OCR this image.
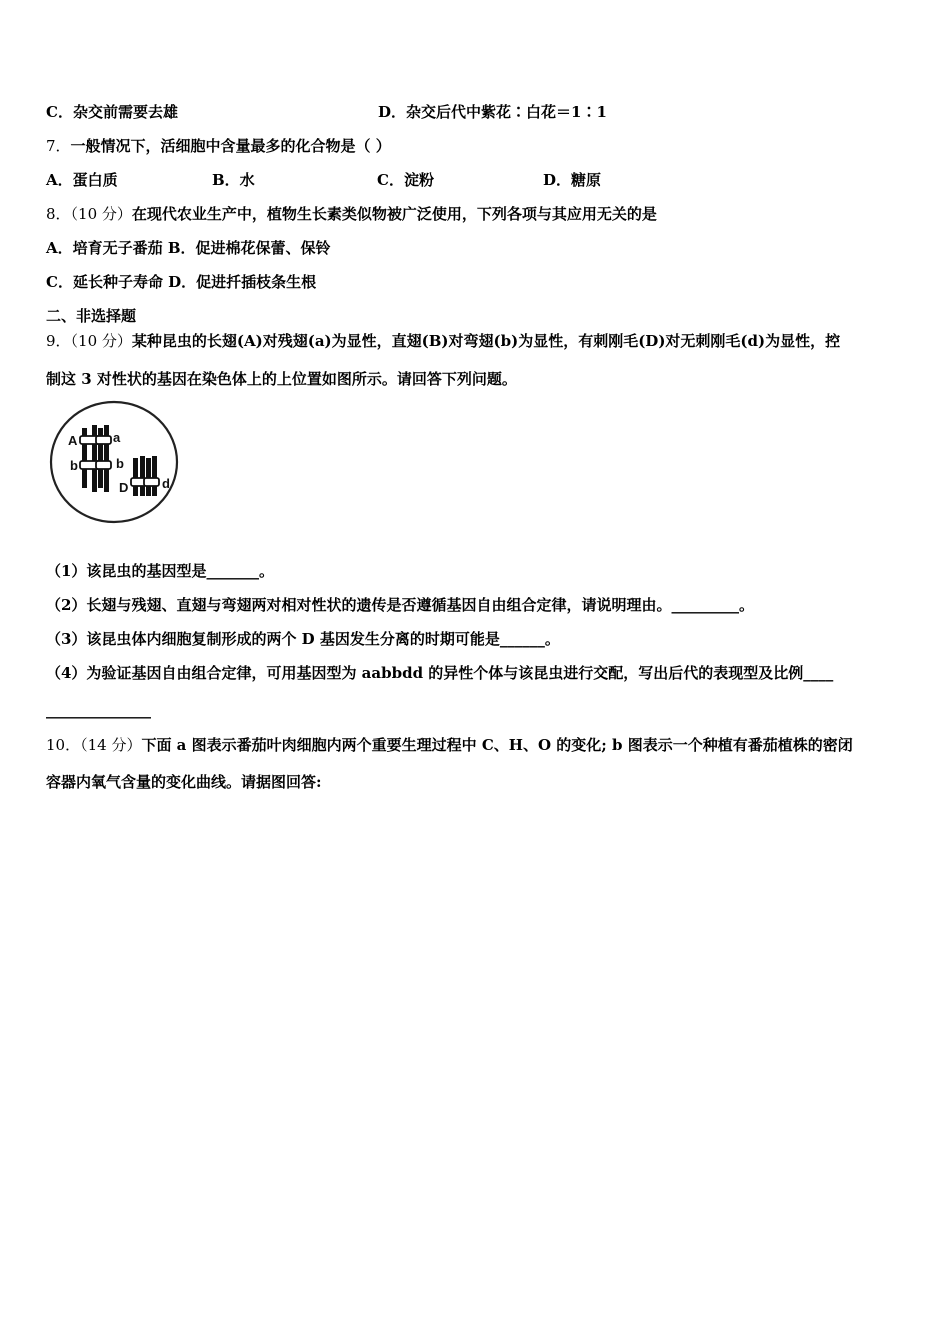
C．杂交前需要去雄	D．杂交后代中紫花∶白花＝1∶1
7．一般情况下，活细胞中含量最多的化合物是（ ）
A．蛋白质	B．水	C．淀粉	D．糖原
8．（10 分）在现代农业生产中，植物生长素类似物被广泛使用，下列各项与其应用无关的是
A．培育无子番茄 B．促进棉花保蕾、保铃
C．延长种子寿命 D．促进扦插枝条生根
二、非选择题
9．（10 分）某种昆虫的长翅(A)对残翅(a)为显性，直翅(B)对弯翅(b)为显性，有刺刚毛(D)对无刺刚毛(d)为显性，控
制这 3 对性状的基因在染色体上的上位置如图所示。请回答下列问题。
A	a
b	b
D	d
（1）该昆虫的基因型是_______。
（2）长翅与残翅、直翅与弯翅两对相对性状的遗传是否遵循基因自由组合定律，请说明理由。_________。
（3）该昆虫体内细胞复制形成的两个 D 基因发生分离的时期可能是______。
（4）为验证基因自由组合定律，可用基因型为 aabbdd 的异性个体与该昆虫进行交配，写出后代的表现型及比例____
______________
10．（14 分）下面 a 图表示番茄叶肉细胞内两个重要生理过程中 C、H、O 的变化; b 图表示一个种植有番茄植株的密闭
容器内氧气含量的变化曲线。请据图回答:
